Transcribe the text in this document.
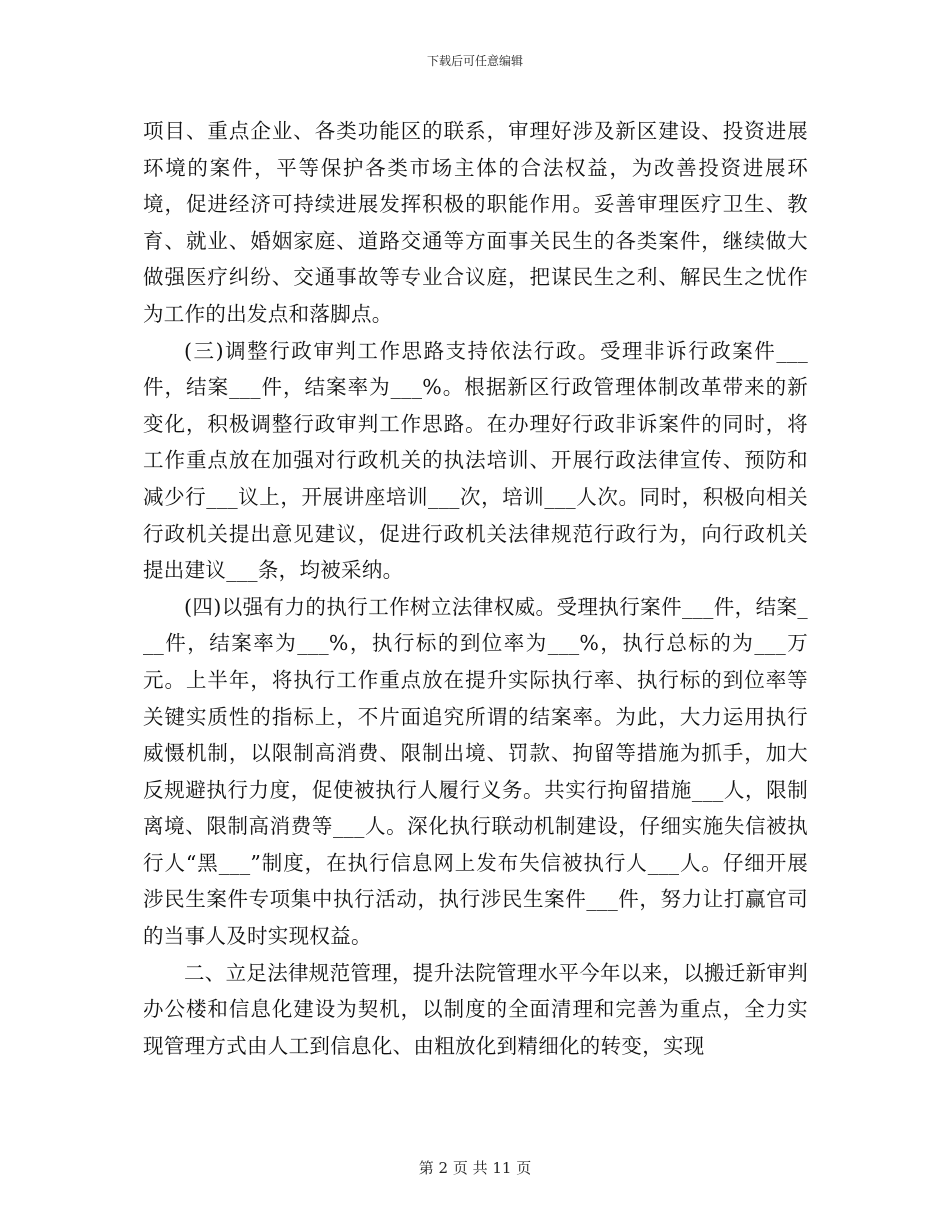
下载后可任意编辑

项目、重点企业、各类功能区的联系，审理好涉及新区建设、投资进展环境的案件，平等保护各类市场主体的合法权益，为改善投资进展环境，促进经济可持续进展发挥积极的职能作用。妥善审理医疗卫生、教育、就业、婚姻家庭、道路交通等方面事关民生的各类案件，继续做大做强医疗纠纷、交通事故等专业合议庭，把谋民生之利、解民生之忧作为工作的出发点和落脚点。

(三)调整行政审判工作思路支持依法行政。受理非诉行政案件___件，结案___件，结案率为___%。根据新区行政管理体制改革带来的新变化，积极调整行政审判工作思路。在办理好行政非诉案件的同时，将工作重点放在加强对行政机关的执法培训、开展行政法律宣传、预防和减少行___议上，开展讲座培训___次，培训___人次。同时，积极向相关行政机关提出意见建议，促进行政机关法律规范行政行为，向行政机关提出建议___条，均被采纳。

(四)以强有力的执行工作树立法律权威。受理执行案件___件，结案___件，结案率为___%，执行标的到位率为___%，执行总标的为___万元。上半年，将执行工作重点放在提升实际执行率、执行标的到位率等关键实质性的指标上，不片面追究所谓的结案率。为此，大力运用执行威慑机制，以限制高消费、限制出境、罚款、拘留等措施为抓手，加大反规避执行力度，促使被执行人履行义务。共实行拘留措施___人，限制离境、限制高消费等___人。深化执行联动机制建设，仔细实施失信被执行人“黑___”制度，在执行信息网上发布失信被执行人___人。仔细开展涉民生案件专项集中执行活动，执行涉民生案件___件，努力让打赢官司的当事人及时实现权益。

二、立足法律规范管理，提升法院管理水平今年以来，以搬迁新审判办公楼和信息化建设为契机，以制度的全面清理和完善为重点，全力实现管理方式由人工到信息化、由粗放化到精细化的转变，实现

第 2 页 共 11 页
